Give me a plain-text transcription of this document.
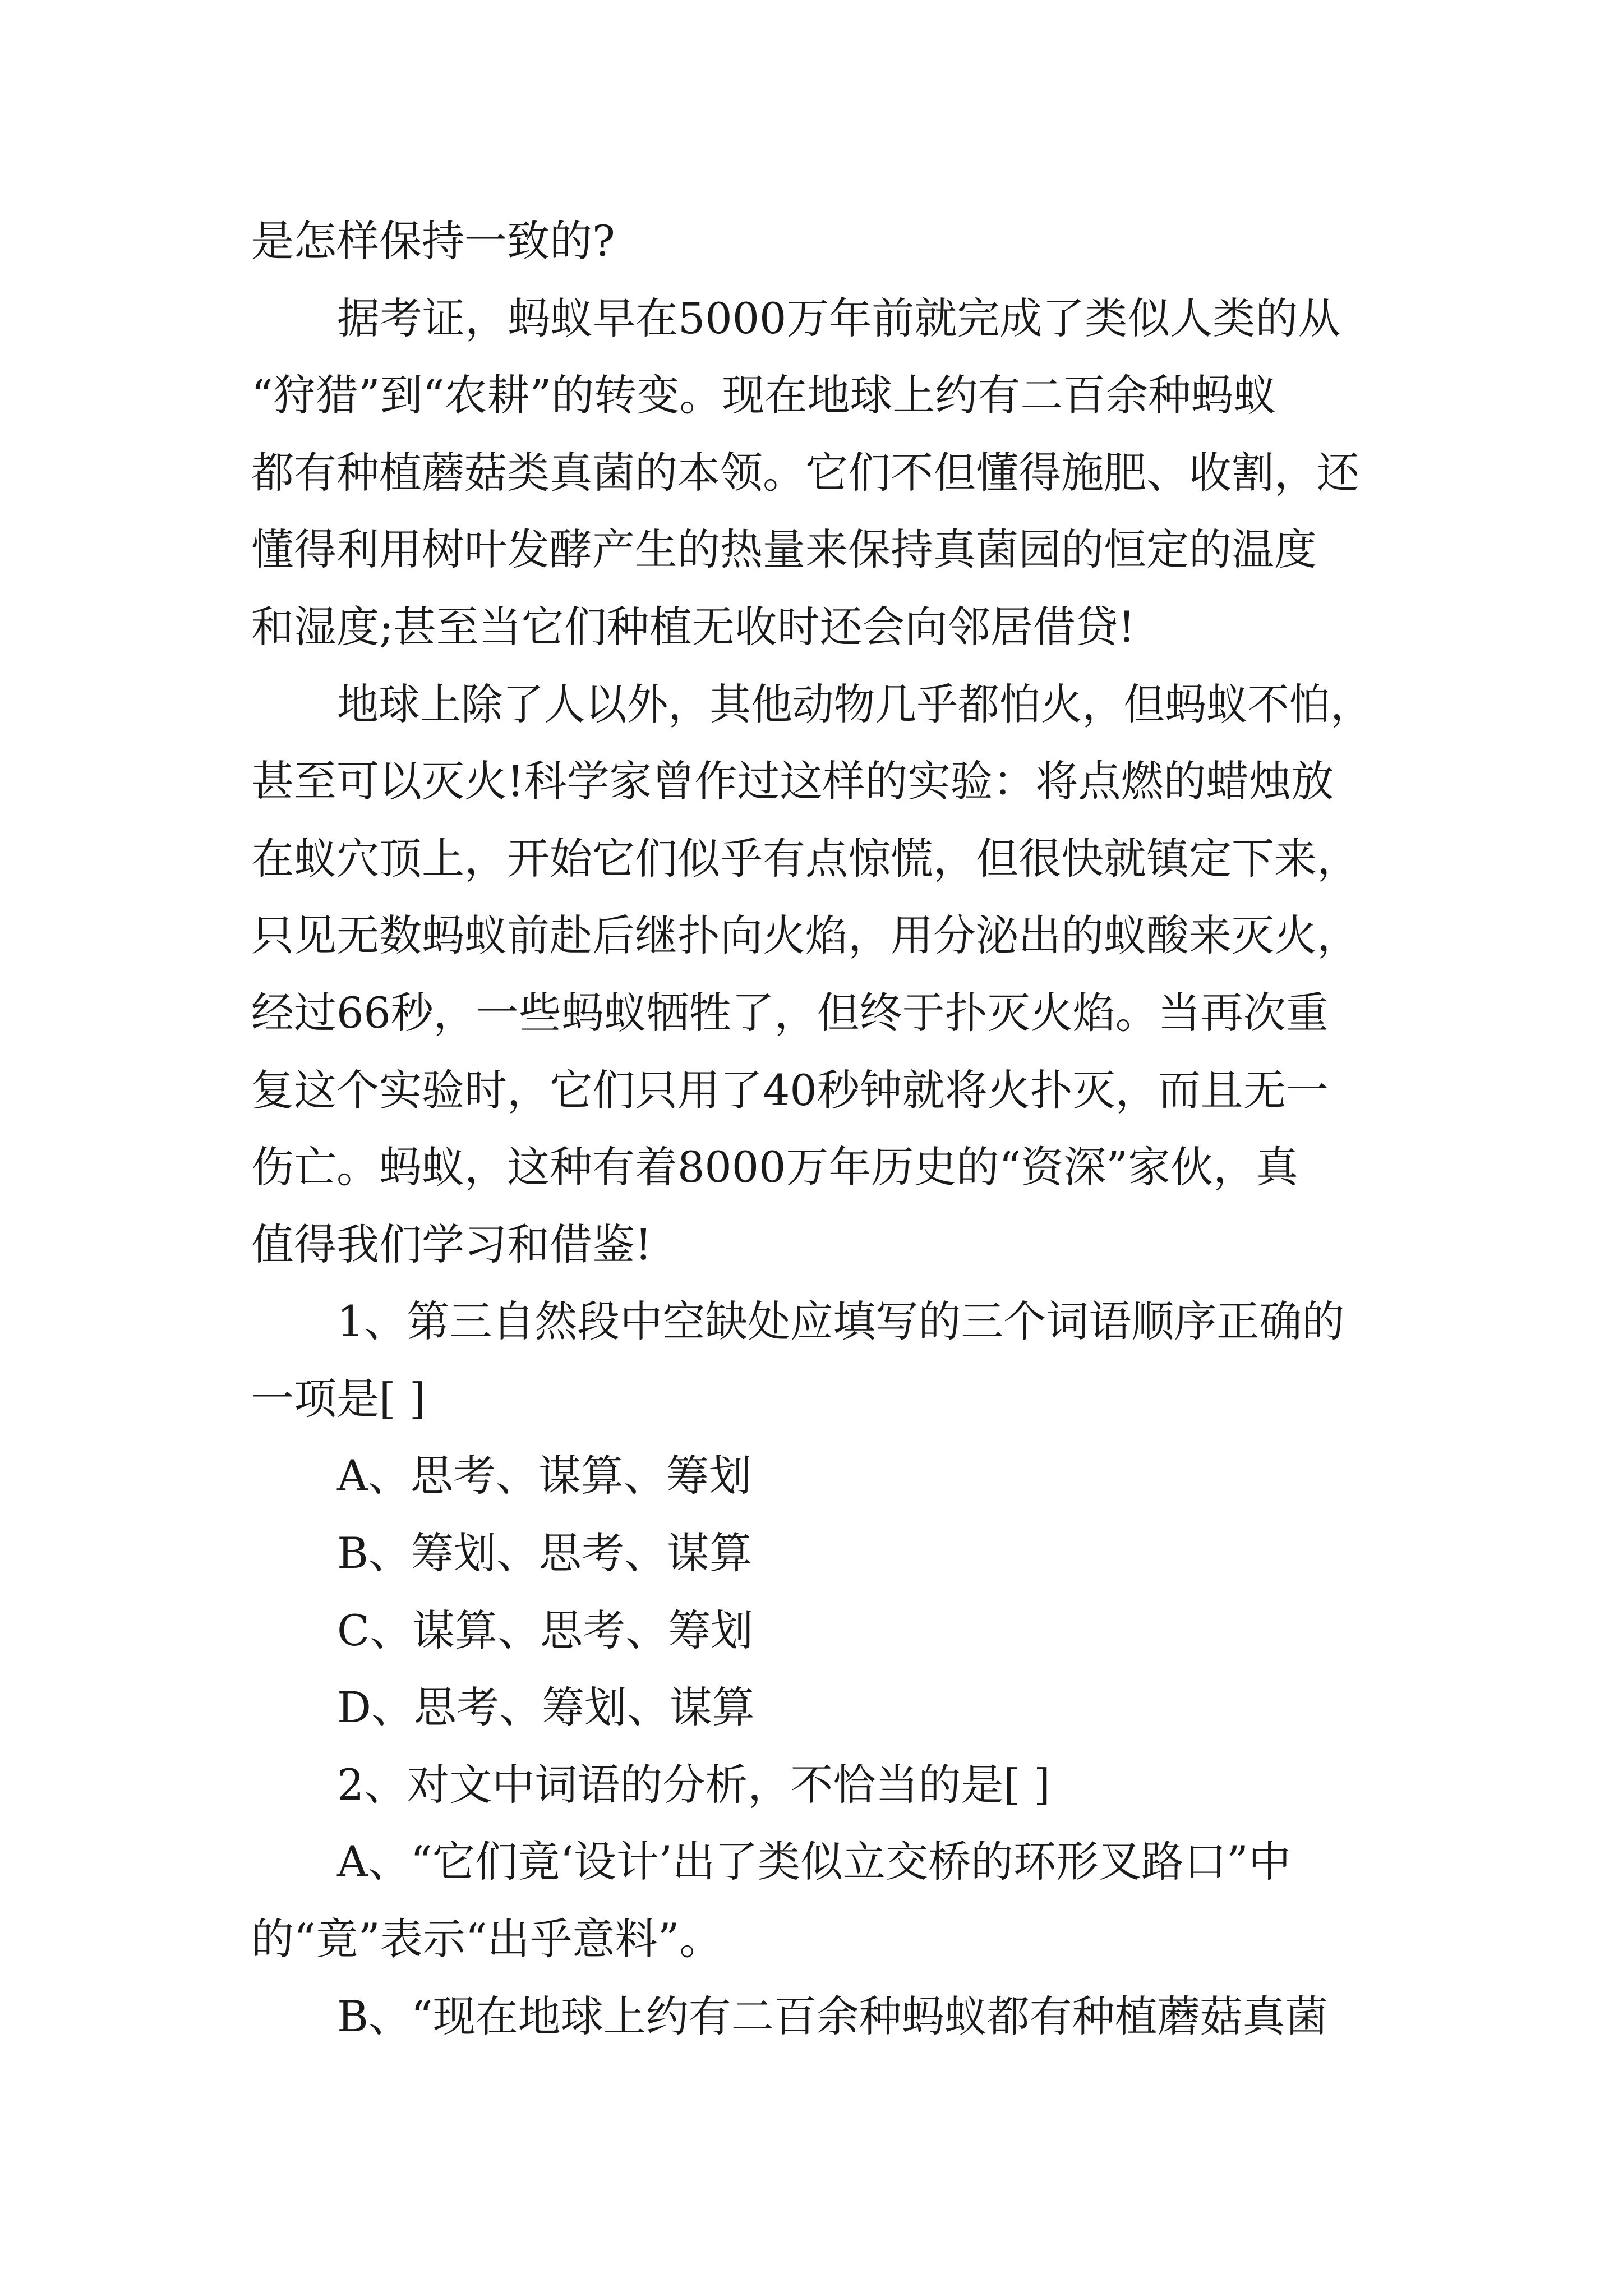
是怎样保持一致的?
据考证，蚂蚁早在5000万年前就完成了类似人类的从
“狩猎”到“农耕”的转变。现在地球上约有二百余种蚂蚁
都有种植蘑菇类真菌的本领。它们不但懂得施肥、收割，还
懂得利用树叶发酵产生的热量来保持真菌园的恒定的温度
和湿度;甚至当它们种植无收时还会向邻居借贷!
地球上除了人以外，其他动物几乎都怕火，但蚂蚁不怕，
甚至可以灭火!科学家曾作过这样的实验：将点燃的蜡烛放
在蚁穴顶上，开始它们似乎有点惊慌，但很快就镇定下来，
只见无数蚂蚁前赴后继扑向火焰，用分泌出的蚁酸来灭火，
经过66秒，一些蚂蚁牺牲了，但终于扑灭火焰。当再次重
复这个实验时，它们只用了40秒钟就将火扑灭，而且无一
伤亡。蚂蚁，这种有着8000万年历史的“资深”家伙，真
值得我们学习和借鉴!
1、第三自然段中空缺处应填写的三个词语顺序正确的
一项是[ ]
A、思考、谋算、筹划
B、筹划、思考、谋算
C、谋算、思考、筹划
D、思考、筹划、谋算
2、对文中词语的分析，不恰当的是[ ]
A、“它们竟‘设计’出了类似立交桥的环形叉路口”中
的“竟”表示“出乎意料”。
B、“现在地球上约有二百余种蚂蚁都有种植蘑菇真菌
